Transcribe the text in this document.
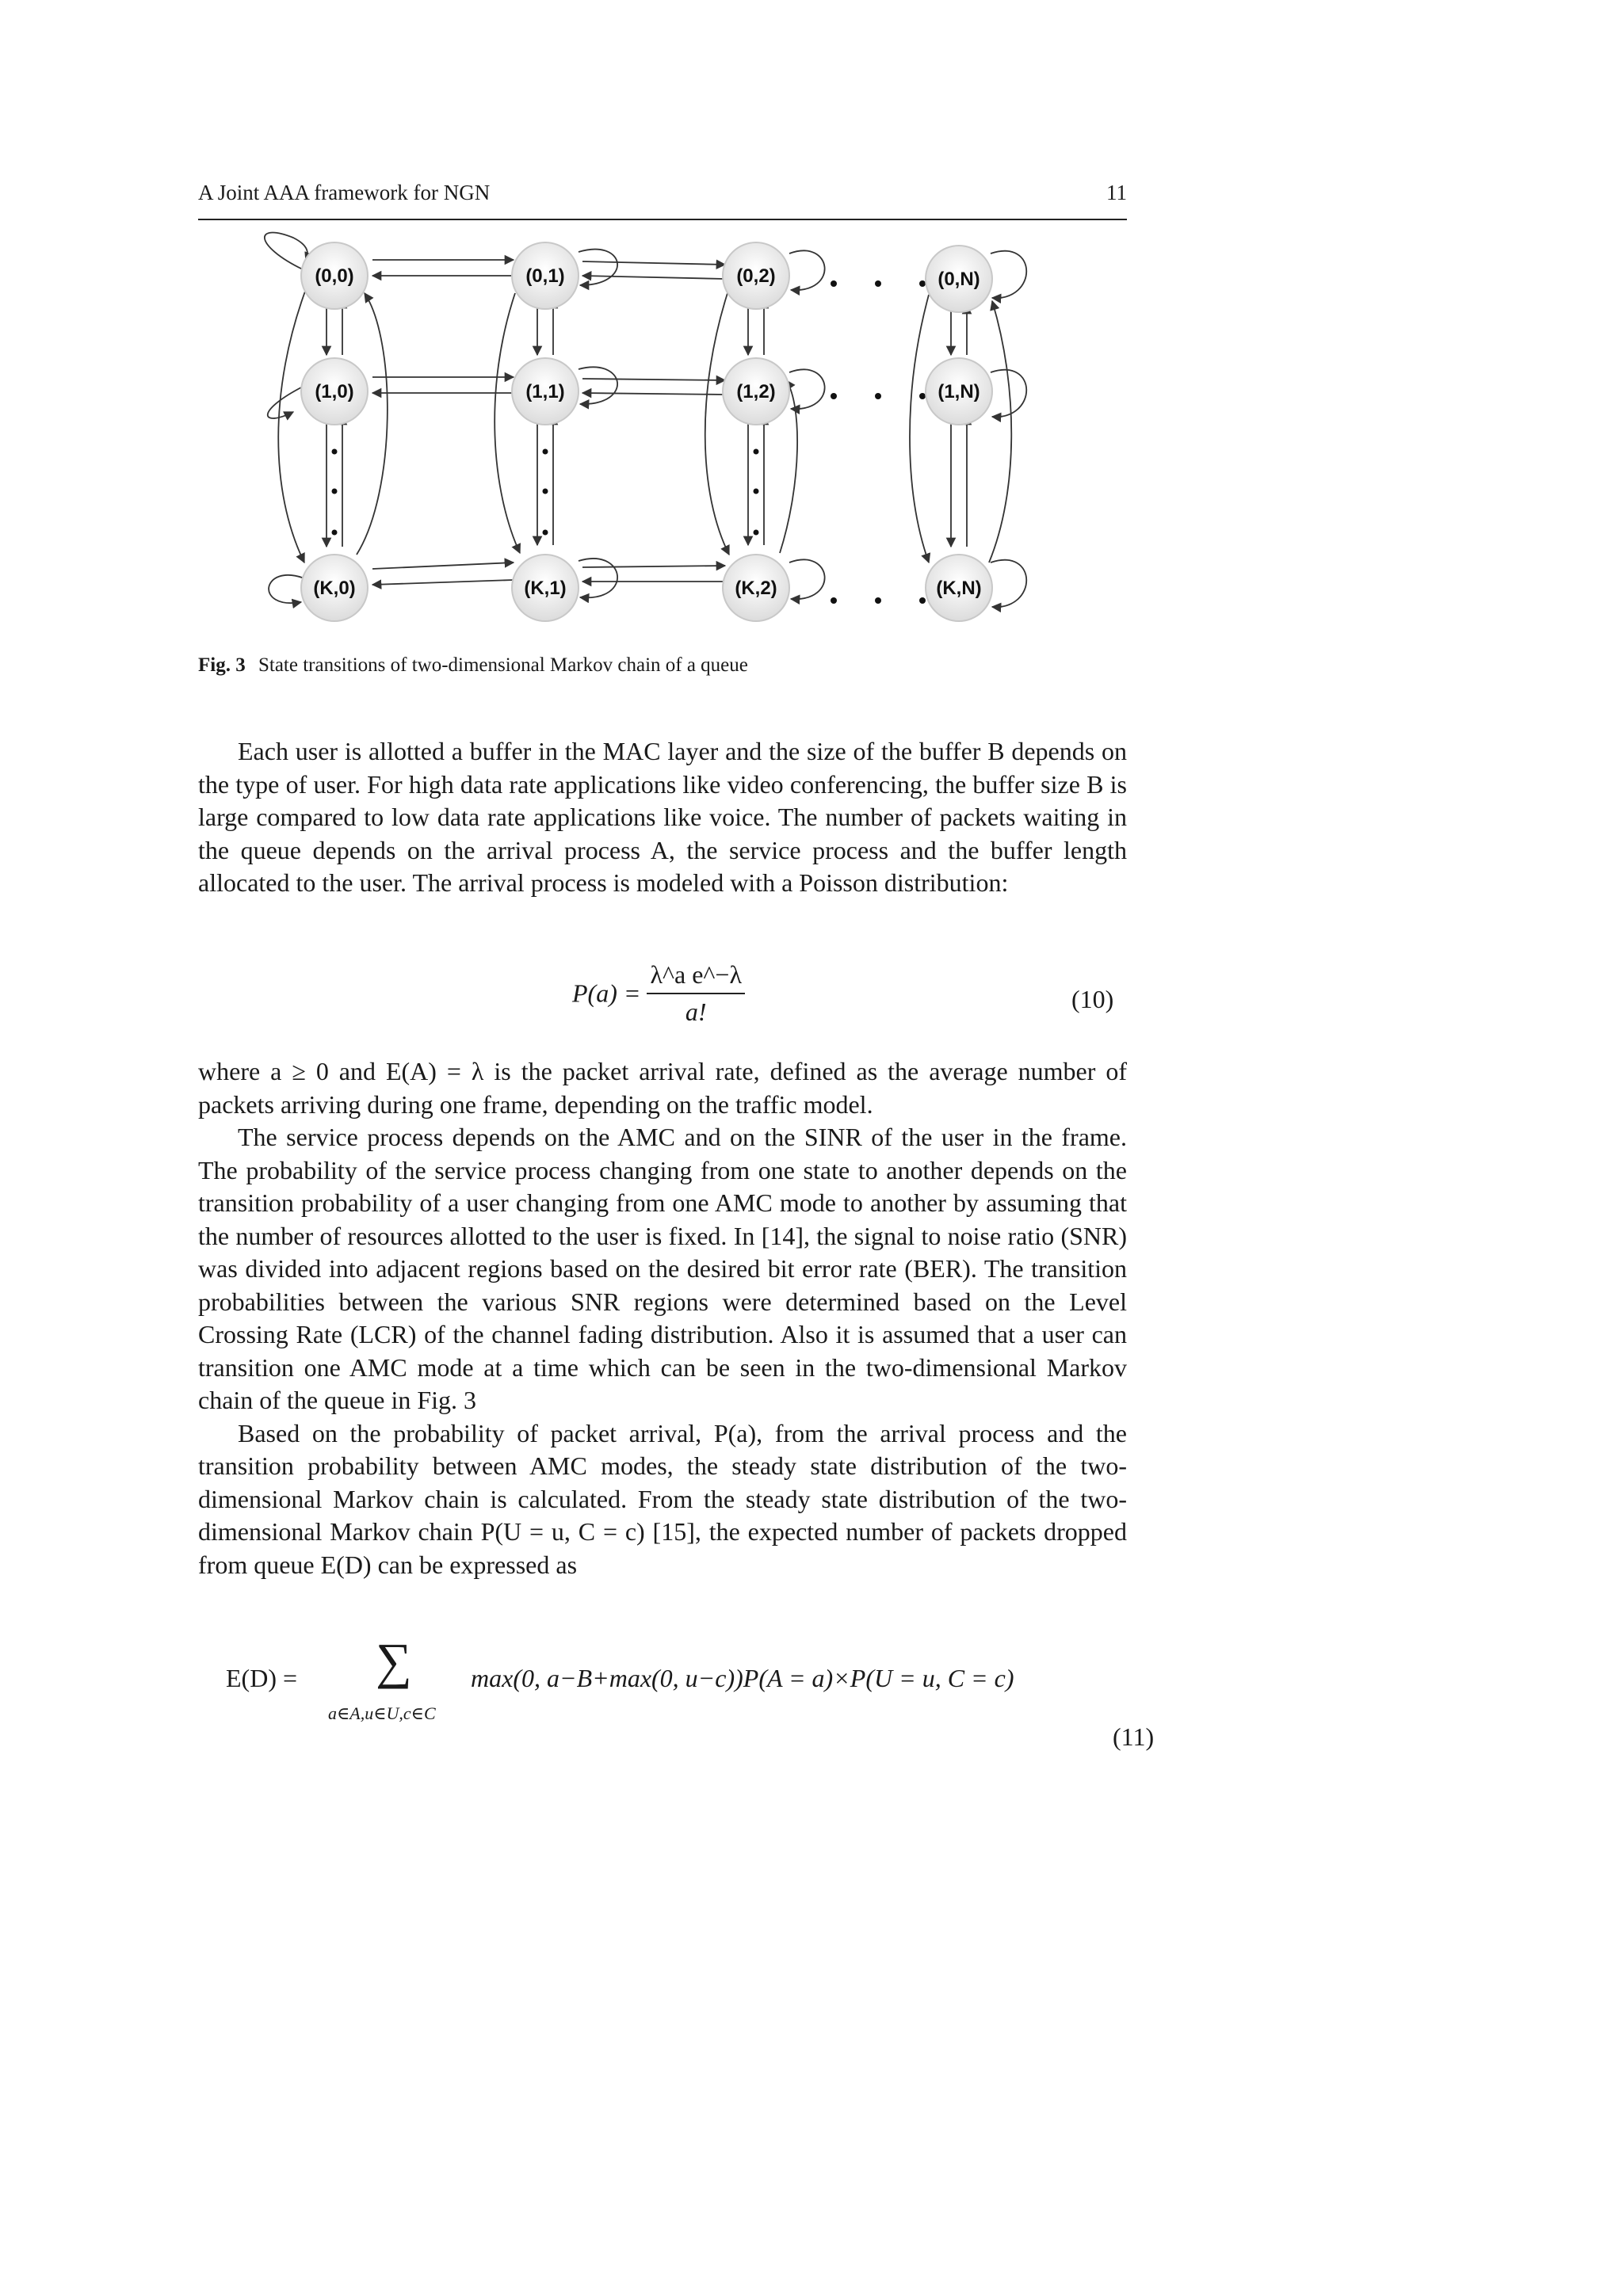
A Joint AAA framework for NGN	11
(0,0)	(0,1)	(0,2)	(0,N)
(1,0)	(1,1)	(1,2)	(1,N)
(K,0)	(K,1)	(K,2)	(K,N)
Fig. 3 State transitions of two-dimensional Markov chain of a queue

Each user is allotted a buffer in the MAC layer and the size of the buffer B depends on the type of user. For high data rate applications like video conferencing, the buffer size B is large compared to low data rate applications like voice. The number of packets waiting in the queue depends on the arrival process A, the service process and the buffer length allocated to the user. The arrival process is modeled with a Poisson distribution:

$P(a) = \frac{\text{λ\textasciicircum{}a e\textasciicircum{}−λ}}{a!}$	(10)

where a ≥ 0 and E(A) = λ is the packet arrival rate, defined as the average number of packets arriving during one frame, depending on the traffic model.

The service process depends on the AMC and on the SINR of the user in the frame. The probability of the service process changing from one state to another depends on the transition probability of a user changing from one AMC mode to another by assuming that the number of resources allotted to the user is fixed. In [14], the signal to noise ratio (SNR) was divided into adjacent regions based on the desired bit error rate (BER). The transition probabilities between the various SNR regions were determined based on the Level Crossing Rate (LCR) of the channel fading distribution. Also it is assumed that a user can transition one AMC mode at a time which can be seen in the two-dimensional Markov chain of the queue in Fig. 3

Based on the probability of packet arrival, P(a), from the arrival process and the transition probability between AMC modes, the steady state distribution of the two-dimensional Markov chain is calculated. From the steady state distribution of the two-dimensional Markov chain P(U = u, C = c) [15], the expected number of packets dropped from queue E(D) can be expressed as

E(D) = ∑
a∈A,u∈U,c∈C
max(0, a−B+max(0, u−c))P(A = a)×P(U = u, C = c)
(11)
